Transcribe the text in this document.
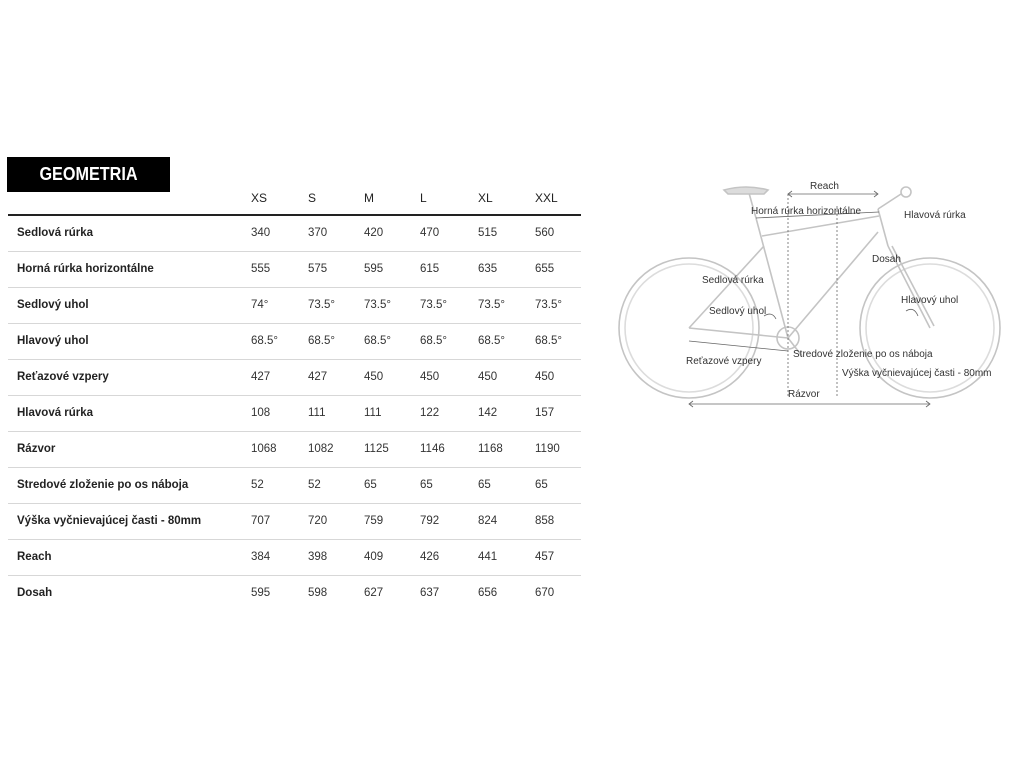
GEOMETRIA
XS	S	M	L	XL	XXL
Sedlová rúrka	340	370	420	470	515	560
Horná rúrka horizontálne	555	575	595	615	635	655
Sedlový uhol	74°	73.5°	73.5°	73.5°	73.5°	73.5°
Hlavový uhol	68.5°	68.5°	68.5°	68.5°	68.5°	68.5°
Reťazové vzpery	427	427	450	450	450	450
Hlavová rúrka	108	111	111	122	142	157
Rázvor	1068	1082	1125	1146	1168	1190
Stredové zloženie po os náboja	52	52	65	65	65	65
Výška vyčnievajúcej časti - 80mm	707	720	759	792	824	858
Reach	384	398	409	426	441	457
Dosah	595	598	627	637	656	670
Reach
Horná rúrka horizontálne	Hlavová rúrka
Dosah
Sedlová rúrka
Sedlový uhol
Hlavový uhol
Reťazové vzpery
Stredové zloženie po os náboja
Výška vyčnievajúcej časti - 80mm
Rázvor
